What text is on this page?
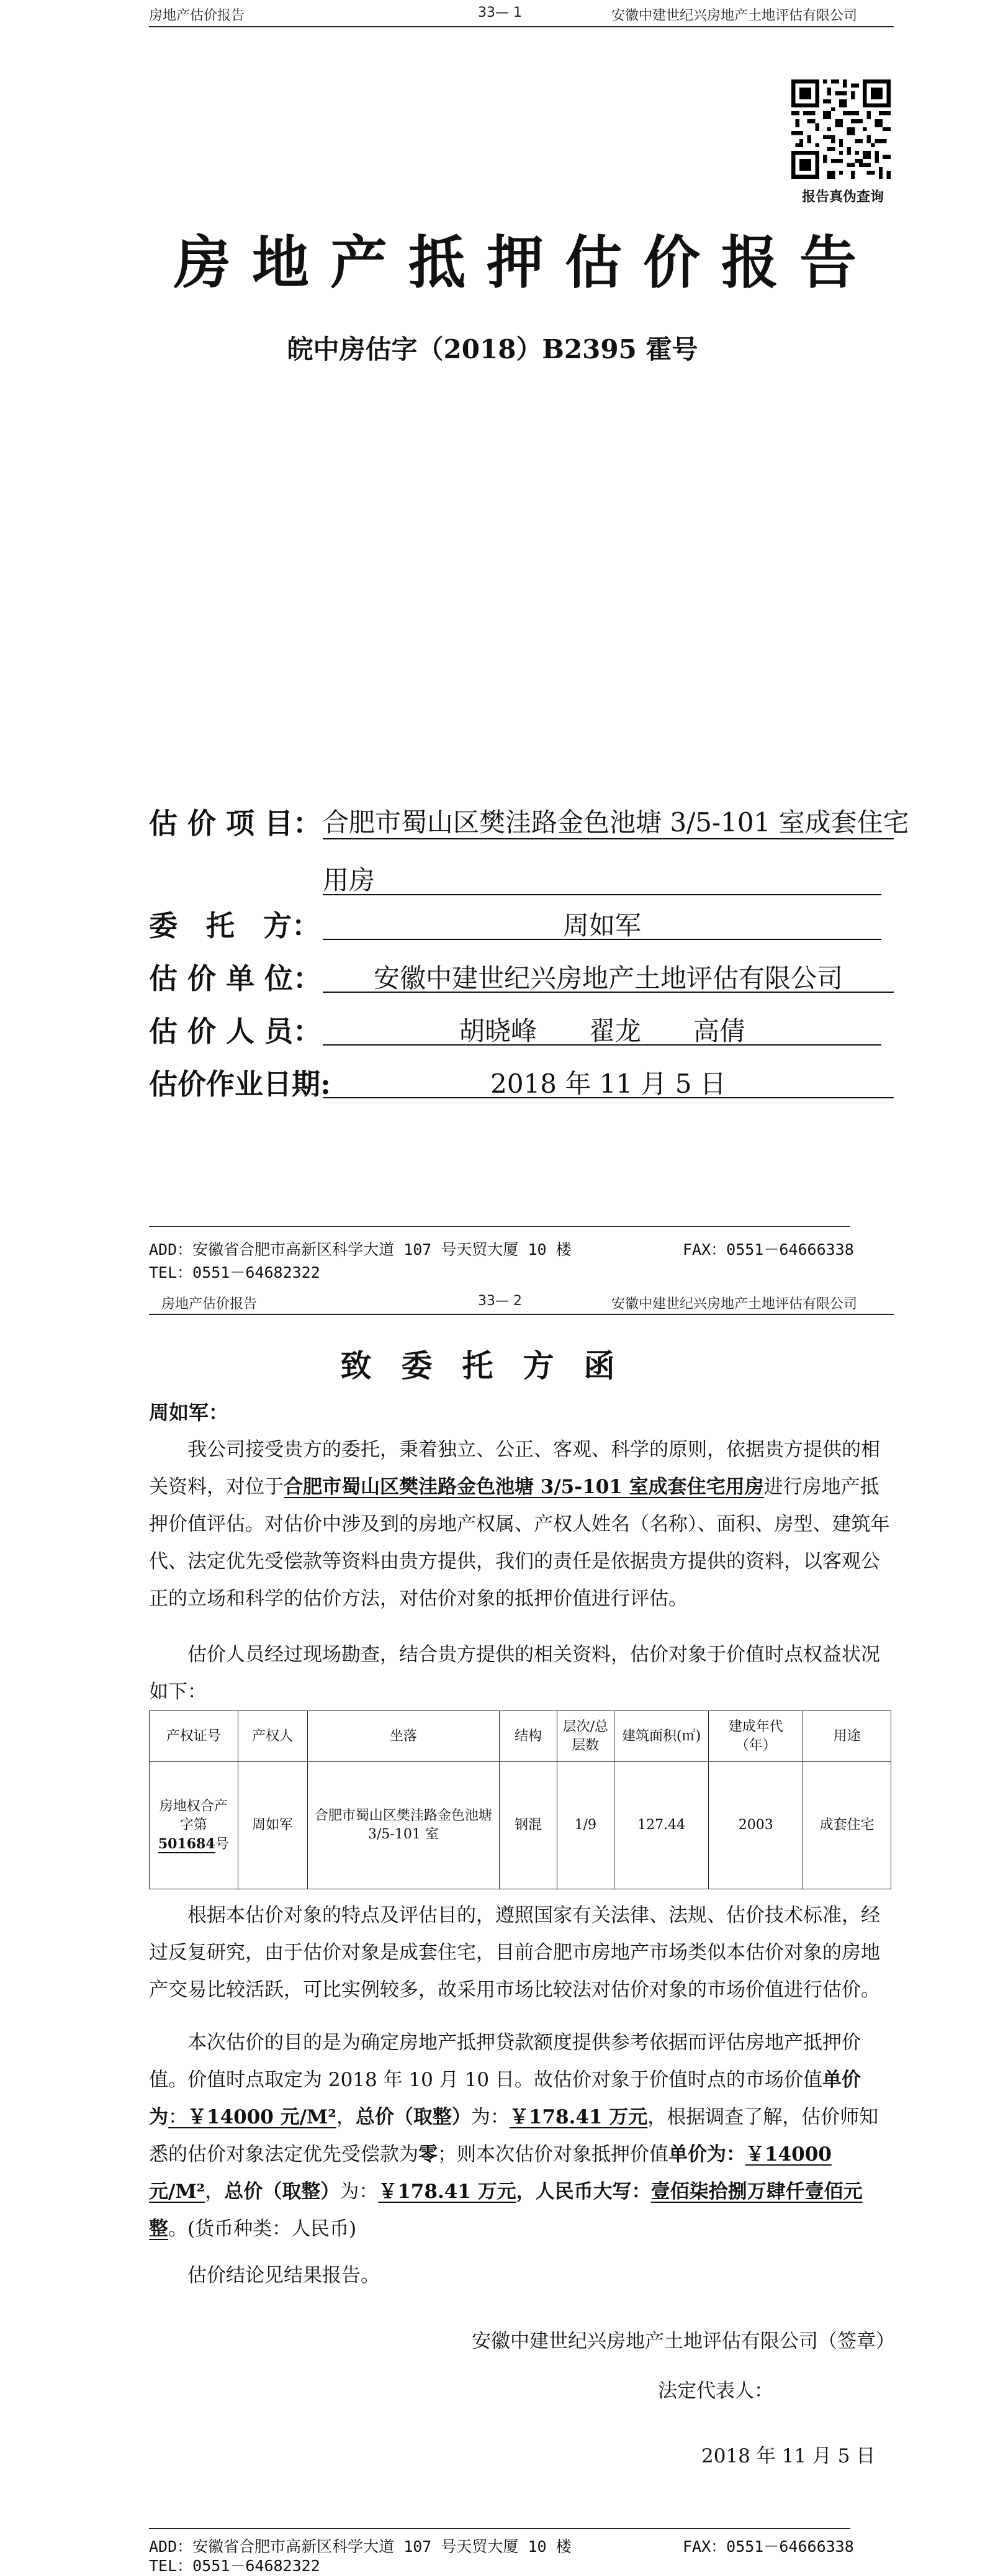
房地产估价报告	33— 1	安徽中建世纪兴房地产土地评估有限公司
报告真伪查询
房地产抵押估价报告
皖中房估字（2018）B2395 霍号
估 价 项 目： 合肥市蜀山区樊洼路金色池塘 3/5-101 室成套住宅
用房
委　托　方：	周如军
估 价 单 位：	安徽中建世纪兴房地产土地评估有限公司
估 价 人 员：	胡晓峰　　翟龙　　高倩
估价作业日期:	2018 年 11 月 5 日
ADD：安徽省合肥市高新区科学大道 107 号天贸大厦 10 楼	FAX：0551－64666338
TEL：0551－64682322
房地产估价报告	33— 2	安徽中建世纪兴房地产土地评估有限公司
致委托方函
周如军：
我公司接受贵方的委托，秉着独立、公正、客观、科学的原则，依据贵方提供的相关资料，对位于合肥市蜀山区樊洼路金色池塘 3/5-101 室成套住宅用房进行房地产抵押价值评估。对估价中涉及到的房地产权属、产权人姓名（名称）、面积、房型、建筑年代、法定优先受偿款等资料由贵方提供，我们的责任是依据贵方提供的资料，以客观公正的立场和科学的估价方法，对估价对象的抵押价值进行评估。
估价人员经过现场勘查，结合贵方提供的相关资料，估价对象于价值时点权益状况如下：
产权证号	产权人	坐落	结构	层次/总层数	建筑面积(㎡)	建成年代（年）	用途
房地权合产字第501684号	周如军	合肥市蜀山区樊洼路金色池塘 3/5-101 室	钢混	1/9	127.44	2003	成套住宅
根据本估价对象的特点及评估目的，遵照国家有关法律、法规、估价技术标准，经过反复研究，由于估价对象是成套住宅，目前合肥市房地产市场类似本估价对象的房地产交易比较活跃，可比实例较多，故采用市场比较法对估价对象的市场价值进行估价。
本次估价的目的是为确定房地产抵押贷款额度提供参考依据而评估房地产抵押价值。价值时点取定为 2018 年 10 月 10 日。故估价对象于价值时点的市场价值单价为：￥14000 元/M²，总价（取整）为：￥178.41 万元，根据调查了解，估价师知悉的估价对象法定优先受偿款为零；则本次估价对象抵押价值单价为：￥14000 元/M²，总价（取整）为：￥178.41 万元，人民币大写：壹佰柒拾捌万肆仟壹佰元整。(货币种类：人民币)
估价结论见结果报告。
安徽中建世纪兴房地产土地评估有限公司（签章）
法定代表人：
2018 年 11 月 5 日
ADD：安徽省合肥市高新区科学大道 107 号天贸大厦 10 楼	FAX：0551－64666338
TEL：0551－64682322
